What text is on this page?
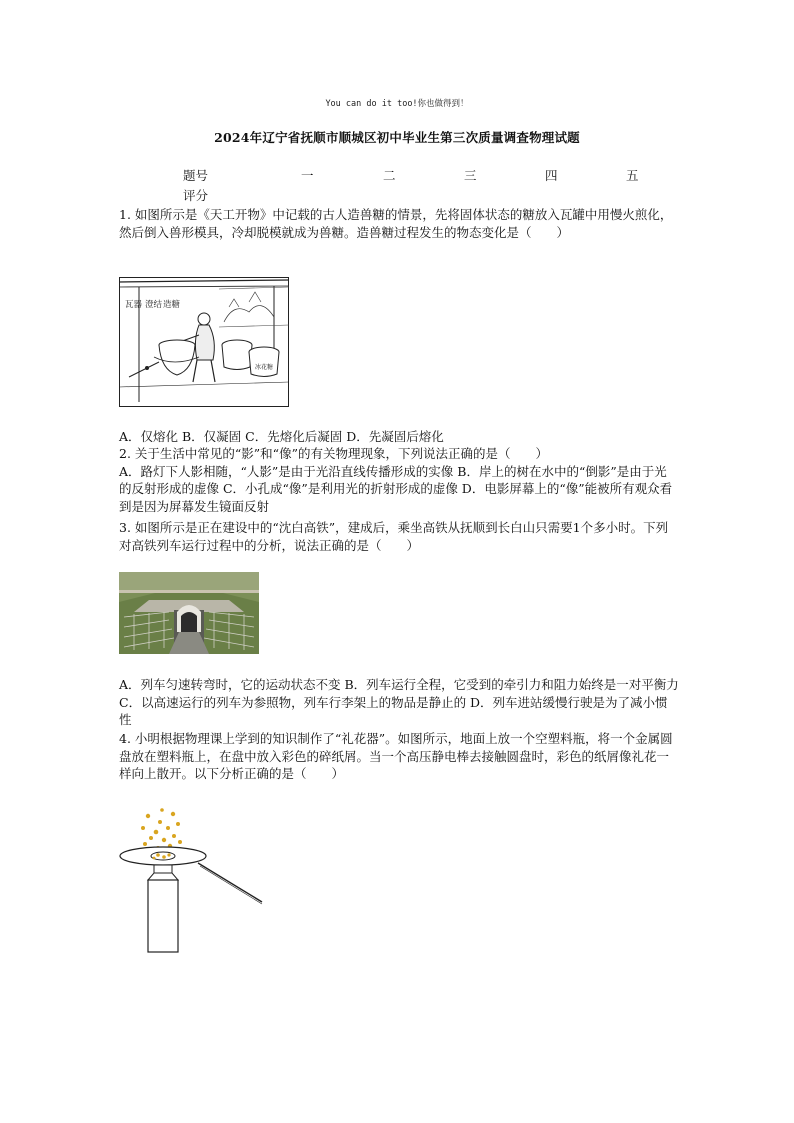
You can do it too!你也做得到！
2024年辽宁省抚顺市顺城区初中毕业生第三次质量调查物理试题
题号	一	二	三	四	五
评分

1. 如图所示是《天工开物》中记载的古人造兽糖的情景，先将固体状态的糖放入瓦罐中用慢火煎化，然后倒入兽形模具，冷却脱模就成为兽糖。造兽糖过程发生的物态变化是（　　）

瓦器 澄结 造糖
冰花糖

A．仅熔化 B．仅凝固 C．先熔化后凝固 D．先凝固后熔化

2. 关于生活中常见的“影”和“像”的有关物理现象，下列说法正确的是（　　）

A．路灯下人影相随，“人影”是由于光沿直线传播形成的实像 B．岸上的树在水中的“倒影”是由于光的反射形成的虚像 C．小孔成“像”是利用光的折射形成的虚像 D．电影屏幕上的“像”能被所有观众看到是因为屏幕发生镜面反射

3. 如图所示是正在建设中的“沈白高铁”，建成后，乘坐高铁从抚顺到长白山只需要1个多小时。下列对高铁列车运行过程中的分析，说法正确的是（　　）

A．列车匀速转弯时，它的运动状态不变 B．列车运行全程，它受到的牵引力和阻力始终是一对平衡力 C．以高速运行的列车为参照物，列车行李架上的物品是静止的 D．列车进站缓慢行驶是为了减小惯性

4. 小明根据物理课上学到的知识制作了“礼花器”。如图所示，地面上放一个空塑料瓶，将一个金属圆盘放在塑料瓶上，在盘中放入彩色的碎纸屑。当一个高压静电棒去接触圆盘时，彩色的纸屑像礼花一样向上散开。以下分析正确的是（　　）
